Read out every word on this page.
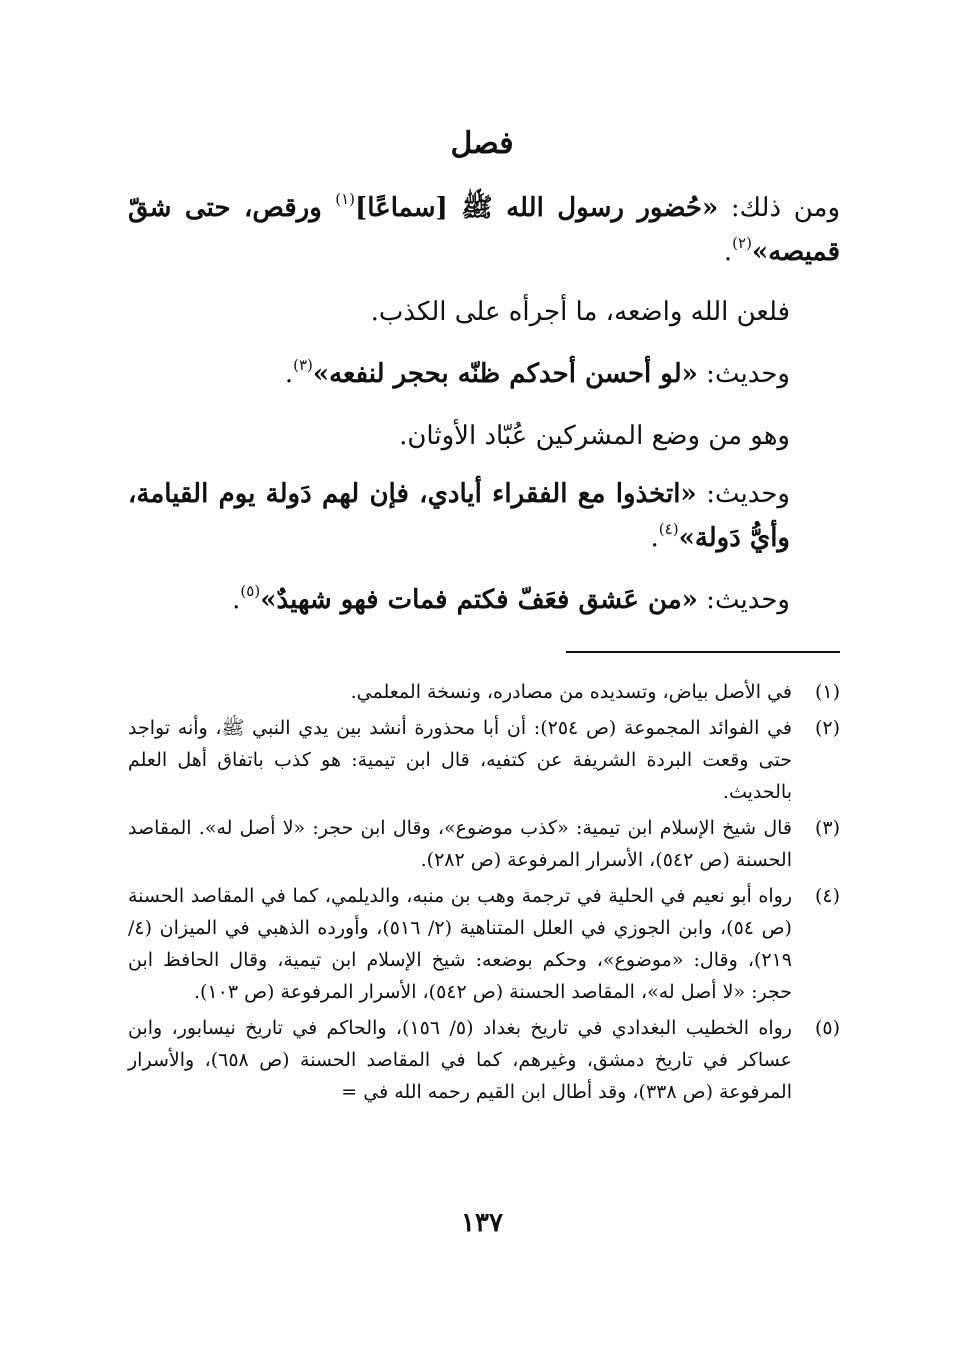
فصل

ومن ذلك: «حُضور رسول الله ﷺ [سماعًا]$^{(١)}$ ورقص، حتى شقّ قميصه»$^{(٢)}$.

فلعن الله واضعه، ما أجرأه على الكذب.

وحديث: «لو أحسن أحدكم ظنّه بحجر لنفعه»$^{(٣)}$.

وهو من وضع المشركين عُبّاد الأوثان.

وحديث: «اتخذوا مع الفقراء أيادي، فإن لهم دَولة يوم القيامة، وأيُّ دَولة»$^{(٤)}$.

وحديث: «من عَشق فعَفّ فكتم فمات فهو شهيدٌ»$^{(٥)}$.

(١)
في الأصل بياض، وتسديده من مصادره، ونسخة المعلمي.
(٢)
في الفوائد المجموعة (ص ٢٥٤): أن أبا محذورة أنشد بين يدي النبي ﷺ، وأنه تواجد حتى وقعت البردة الشريفة عن كتفيه، قال ابن تيمية: هو كذب باتفاق أهل العلم بالحديث.
(٣)
قال شيخ الإسلام ابن تيمية: «كذب موضوع»، وقال ابن حجر: «لا أصل له». المقاصد الحسنة (ص ٥٤٢)، الأسرار المرفوعة (ص ٢٨٢).
(٤)
رواه أبو نعيم في الحلية في ترجمة وهب بن منبه، والديلمي، كما في المقاصد الحسنة (ص ٥٤)، وابن الجوزي في العلل المتناهية (٢/ ٥١٦)، وأورده الذهبي في الميزان (٤/ ٢١٩)، وقال: «موضوع»، وحكم بوضعه: شيخ الإسلام ابن تيمية، وقال الحافظ ابن حجر: «لا أصل له»، المقاصد الحسنة (ص ٥٤٢)، الأسرار المرفوعة (ص ١٠٣).
(٥)
رواه الخطيب البغدادي في تاريخ بغداد (٥/ ١٥٦)، والحاكم في تاريخ نيسابور، وابن عساكر في تاريخ دمشق، وغيرهم، كما في المقاصد الحسنة (ص ٦٥٨)، والأسرار المرفوعة (ص ٣٣٨)، وقد أطال ابن القيم رحمه الله في =
١٣٧
